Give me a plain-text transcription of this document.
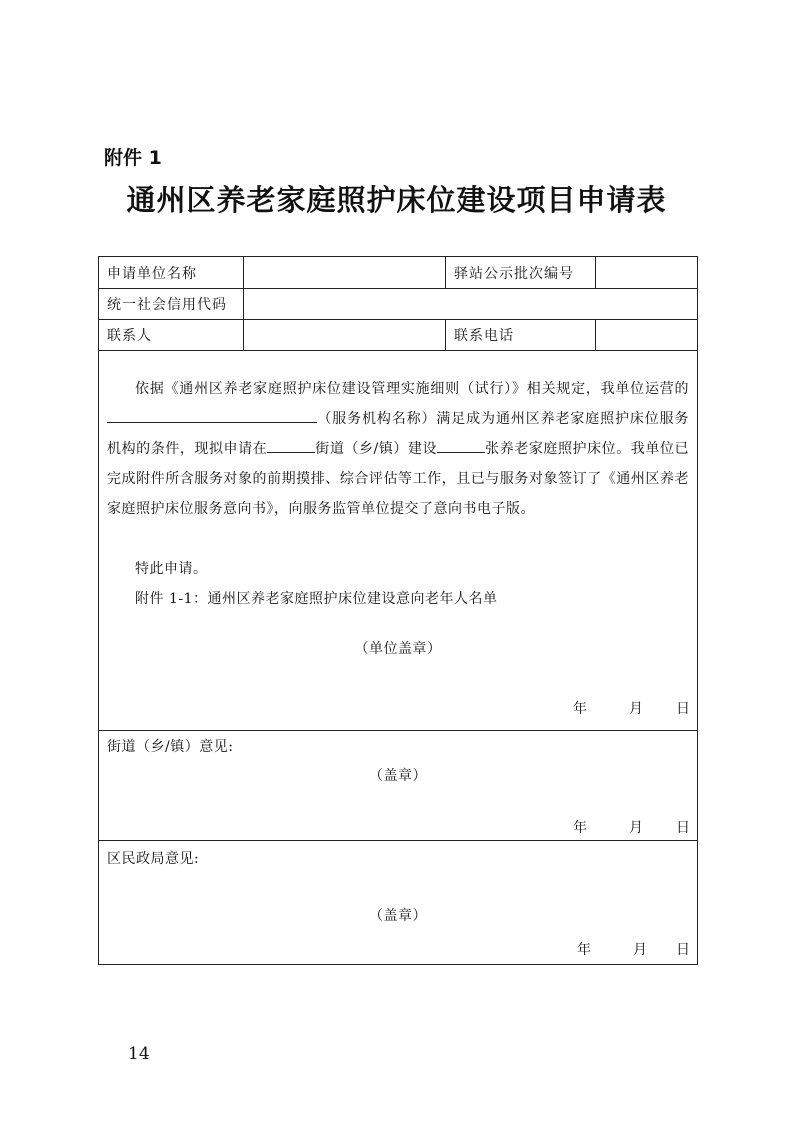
附件 1
通州区养老家庭照护床位建设项目申请表
申请单位名称	驿站公示批次编号
统一社会信用代码
联系人	联系电话
依据《通州区养老家庭照护床位建设管理实施细则（试行）》相关规定，我单位运营的（服务机构名称）满足成为通州区养老家庭照护床位服务机构的条件，现拟申请在	街道（乡/镇）建设	张养老家庭照护床位。我单位已完成附件所含服务对象的前期摸排、综合评估等工作，且已与服务对象签订了《通州区养老家庭照护床位服务意向书》，向服务监管单位提交了意向书电子版。
特此申请。
附件 1-1：通州区养老家庭照护床位建设意向老年人名单
（单位盖章）
年	月 日
街道（乡/镇）意见:
（盖章）
年	月 日
区民政局意见:
（盖章）
年	月 日
14
